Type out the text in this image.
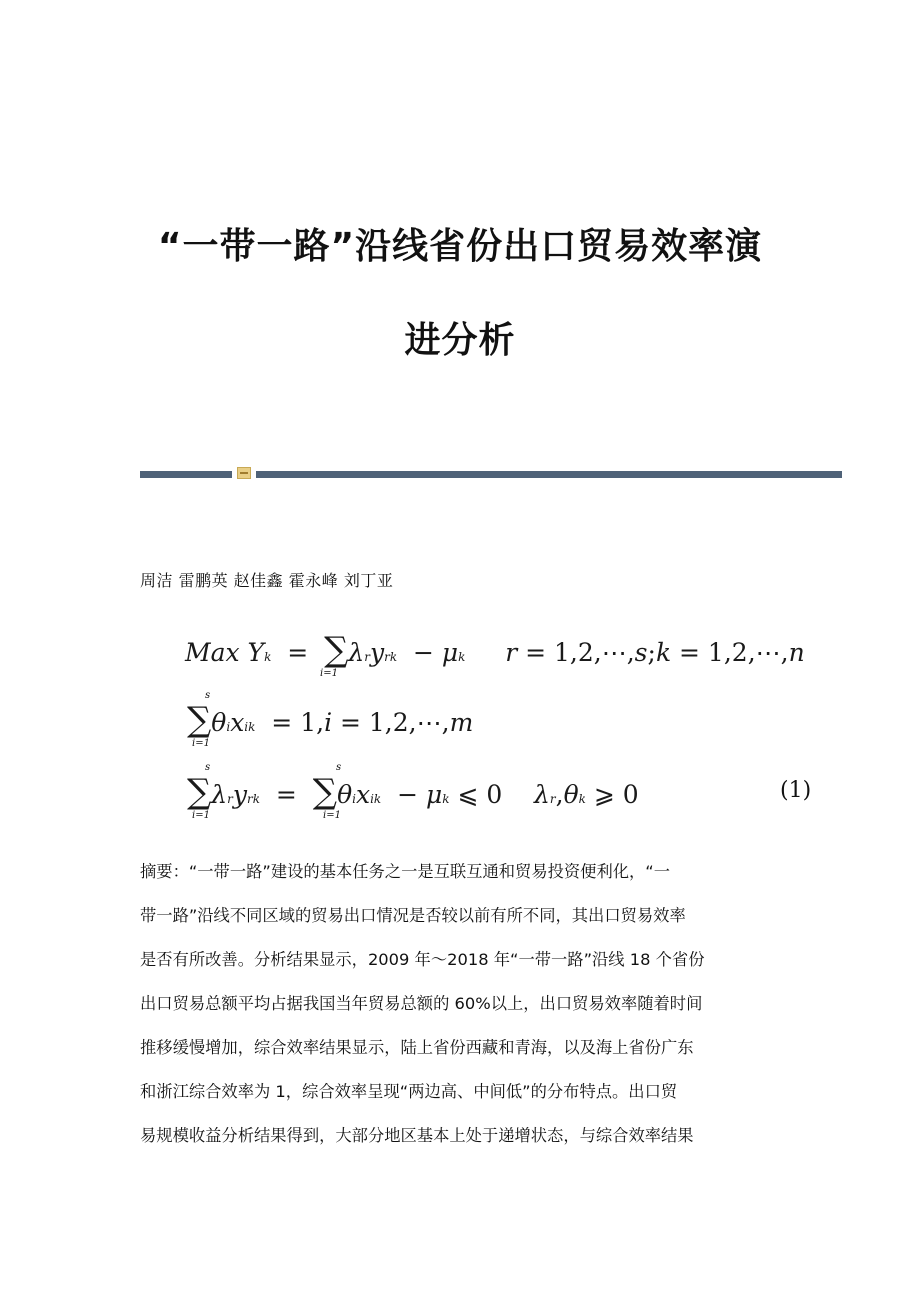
“一带一路”沿线省份出口贸易效率演
进分析
周洁 雷鹏英 赵佳鑫 霍永峰 刘丁亚
Max Yk  =  ∑λryrk  − μk     r = 1,2,⋯,s;k = 1,2,⋯,n
i=1
s
∑θixik  = 1,i = 1,2,⋯,m
i=1
s	s
∑λryrk  =  ∑θixik  − μk ⩽ 0    λr,θk ⩾ 0
i=1	i=1
(1)
摘要：“一带一路”建设的基本任务之一是互联互通和贸易投资便利化，“一
带一路”沿线不同区域的贸易出口情况是否较以前有所不同，其出口贸易效率
是否有所改善。分析结果显示，2009 年～2018 年“一带一路”沿线 18 个省份
出口贸易总额平均占据我国当年贸易总额的 60%以上，出口贸易效率随着时间
推移缓慢增加，综合效率结果显示，陆上省份西藏和青海，以及海上省份广东
和浙江综合效率为 1，综合效率呈现“两边高、中间低”的分布特点。出口贸
易规模收益分析结果得到，大部分地区基本上处于递增状态，与综合效率结果
